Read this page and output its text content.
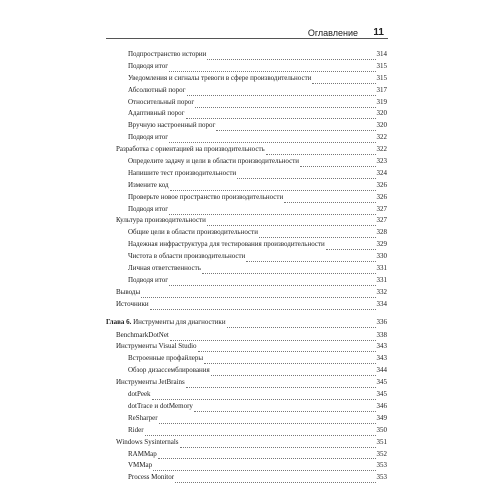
Оглавление 11
Подпространство истории	314
Подводя итог	315
Уведомления и сигналы тревоги в сфере производительности	315
Абсолютный порог	317
Относительный порог	319
Адаптивный порог	320
Вручную настроенный порог	320
Подводя итог	322
Разработка с ориентацией на производительность	322
Определите задачу и цели в области производительности	323
Напишите тест производительности	324
Измените код	326
Проверьте новое пространство производительности	326
Подводя итог	327
Культура производительности	327
Общие цели в области производительности	328
Надежная инфраструктура для тестирования производительности	329
Чистота в области производительности	330
Личная ответственность	331
Подводя итог	331
Выводы	332
Источники	334
Глава 6. Инструменты для диагностики	336
BenchmarkDotNet	338
Инструменты Visual Studio	343
Встроенные профайлеры	343
Обзор дизассемблирования	344
Инструменты JetBrains	345
dotPeek	345
dotTrace и dotMemory	346
ReSharper	349
Rider	350
Windows Sysinternals	351
RAMMap	352
VMMap	353
Process Monitor	353
